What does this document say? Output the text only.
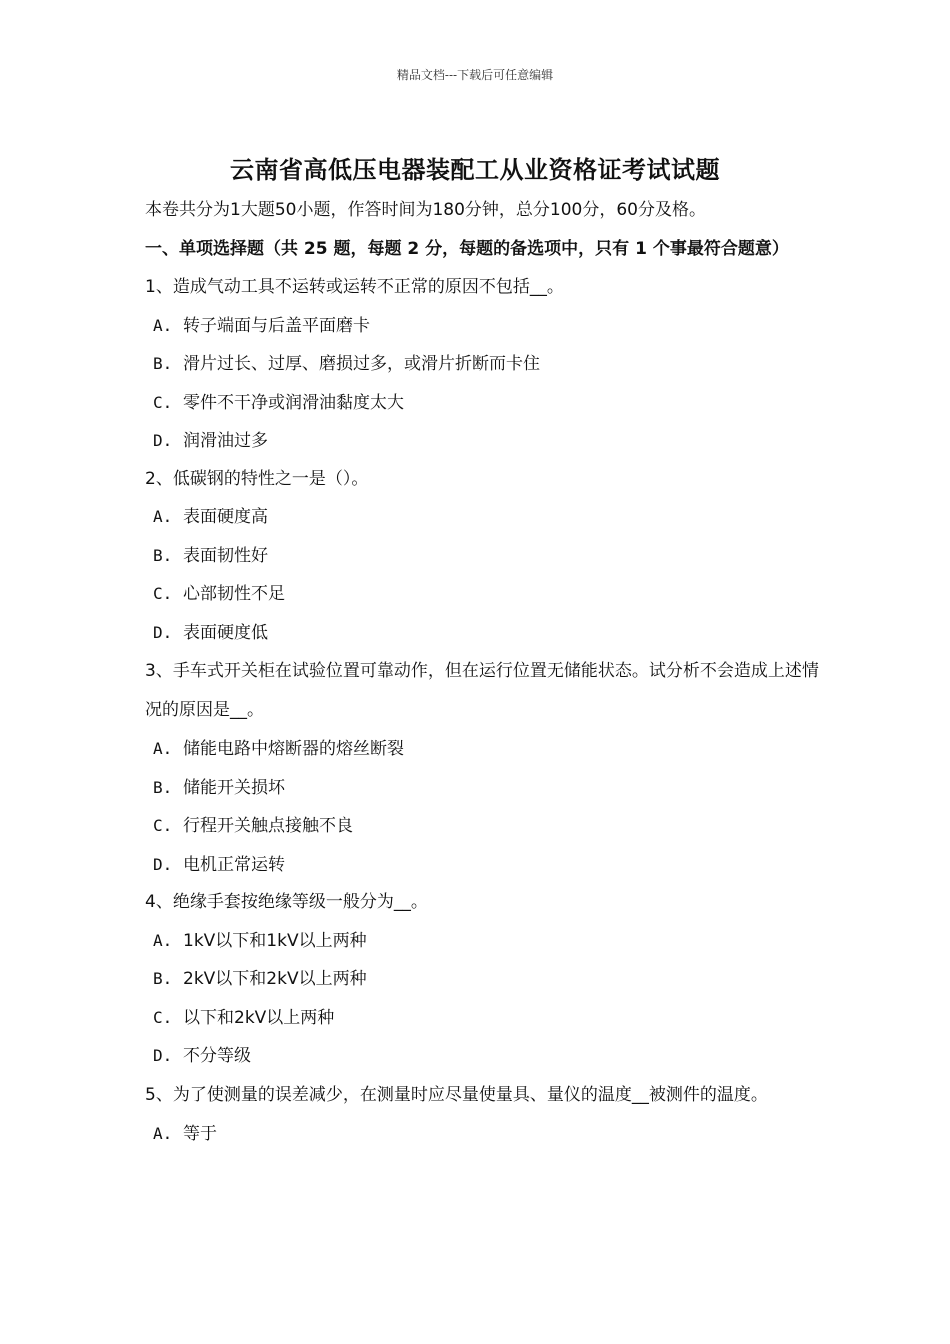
精品文档---下载后可任意编辑
云南省高低压电器装配工从业资格证考试试题

本卷共分为1大题50小题，作答时间为180分钟，总分100分，60分及格。

一、单项选择题（共 25 题，每题 2 分，每题的备选项中，只有 1 个事最符合题意）

1、造成气动工具不运转或运转不正常的原因不包括__。

A. 转子端面与后盖平面磨卡

B. 滑片过长、过厚、磨损过多，或滑片折断而卡住

C. 零件不干净或润滑油黏度太大

D. 润滑油过多

2、低碳钢的特性之一是（）。

A. 表面硬度高

B. 表面韧性好

C. 心部韧性不足

D. 表面硬度低

3、手车式开关柜在试验位置可靠动作，但在运行位置无储能状态。试分析不会造成上述情况的原因是__。

A. 储能电路中熔断器的熔丝断裂

B. 储能开关损坏

C. 行程开关触点接触不良

D. 电机正常运转

4、绝缘手套按绝缘等级一般分为__。

A. 1kV以下和1kV以上两种

B. 2kV以下和2kV以上两种

C. 以下和2kV以上两种

D. 不分等级

5、为了使测量的误差减少，在测量时应尽量使量具、量仪的温度__被测件的温度。

A. 等于
